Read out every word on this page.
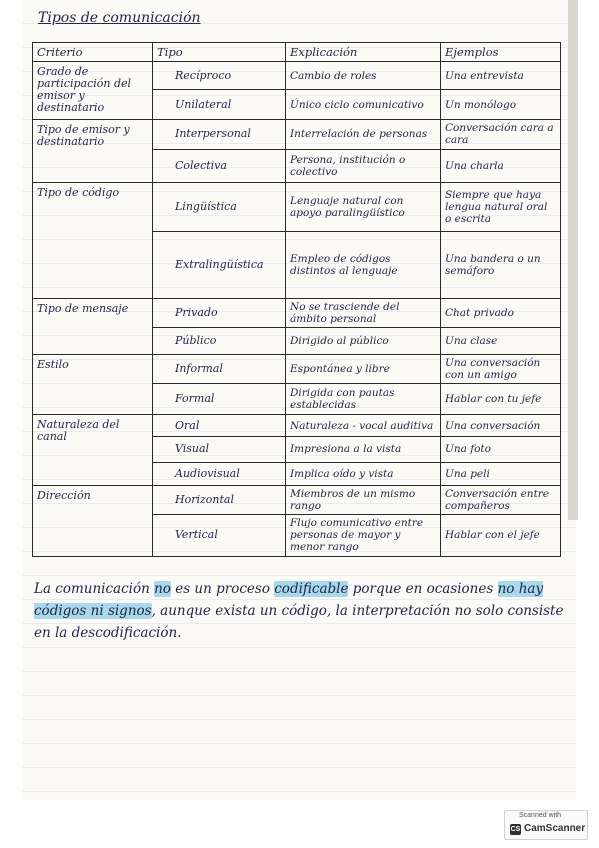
Tipos de comunicación
Criterio	Tipo	Explicación	Ejemplos
Grado de participación del emisor y destinatario	Recíproco	Cambio de roles	Una entrevista
	Unilateral	Único ciclo comunicativo	Un monólogo
Tipo de emisor y destinatario	Interpersonal	Interrelación de personas	Conversación cara a cara
	Colectiva	Persona, institución o colectivo	Una charla
Tipo de código	Lingüística	Lenguaje natural con apoyo paralingüístico	Siempre que haya lengua natural oral o escrita
	Extralingüística	Empleo de códigos distintos al lenguaje	Una bandera o un semáforo
Tipo de mensaje	Privado	No se trasciende del ámbito personal	Chat privado
	Público	Dirigido al público	Una clase
Estilo	Informal	Espontánea y libre	Una conversación con un amigo
	Formal	Dirigida con pautas establecidas	Hablar con tu jefe
Naturaleza del canal	Oral	Naturaleza - vocal auditiva	Una conversación
	Visual	Impresiona a la vista	Una foto
	Audiovisual	Implica oído y vista	Una peli
Dirección	Horizontal	Miembros de un mismo rango	Conversación entre compañeros
	Vertical	Flujo comunicativo entre personas de mayor y menor rango	Hablar con el jefe
La comunicación no es un proceso codificable porque en ocasiones no hay códigos ni signos, aunque exista un código, la interpretación no solo consiste en la descodificación.
Scanned with
CS CamScanner
